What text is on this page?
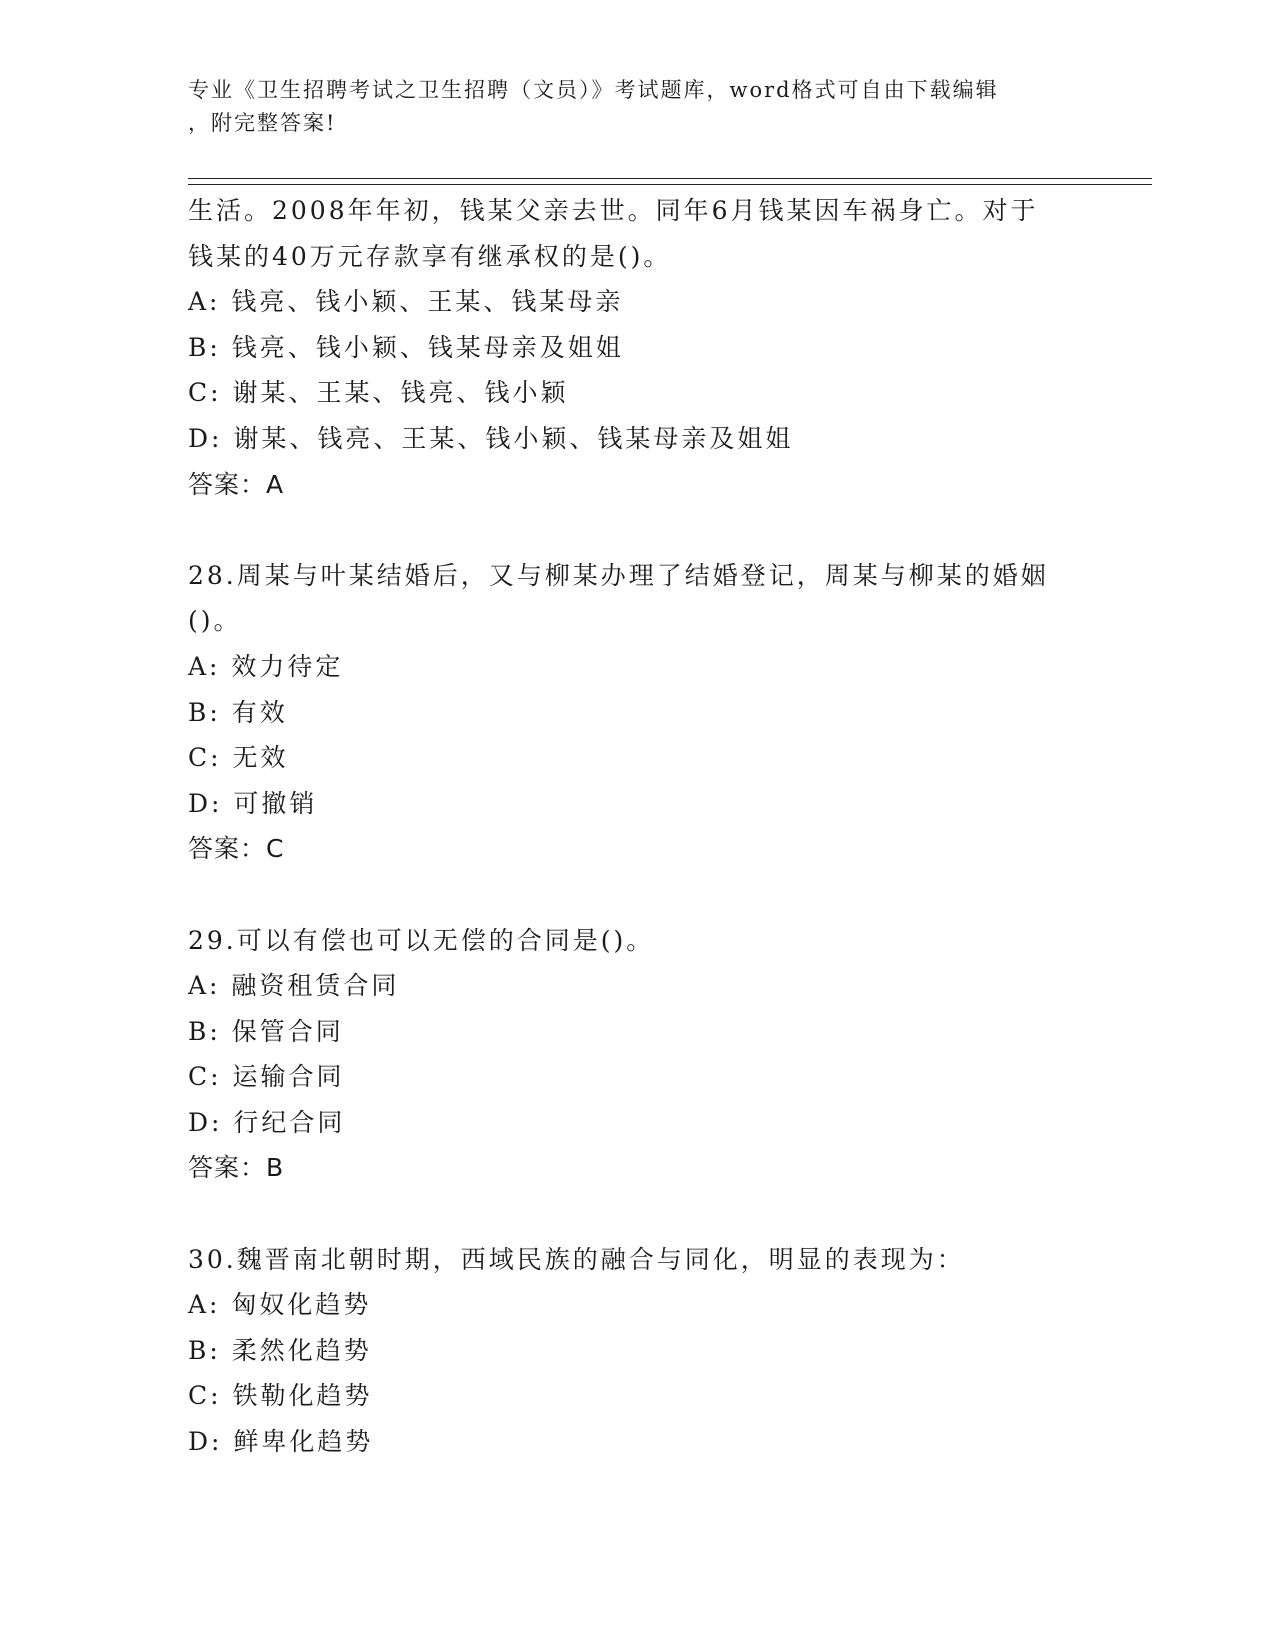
专业《卫生招聘考试之卫生招聘（文员）》考试题库，word格式可自由下载编辑
，附完整答案!
生活。2008年年初，钱某父亲去世。同年6月钱某因车祸身亡。对于
钱某的40万元存款享有继承权的是()。
A: 钱亮、钱小颖、王某、钱某母亲
B: 钱亮、钱小颖、钱某母亲及姐姐
C: 谢某、王某、钱亮、钱小颖
D: 谢某、钱亮、王某、钱小颖、钱某母亲及姐姐
答案：A
28.周某与叶某结婚后，又与柳某办理了结婚登记，周某与柳某的婚姻
()。
A: 效力待定
B: 有效
C: 无效
D: 可撤销
答案：C
29.可以有偿也可以无偿的合同是()。
A: 融资租赁合同
B: 保管合同
C: 运输合同
D: 行纪合同
答案：B
30.魏晋南北朝时期，西域民族的融合与同化，明显的表现为：
A: 匈奴化趋势
B: 柔然化趋势
C: 铁勒化趋势
D: 鲜卑化趋势
